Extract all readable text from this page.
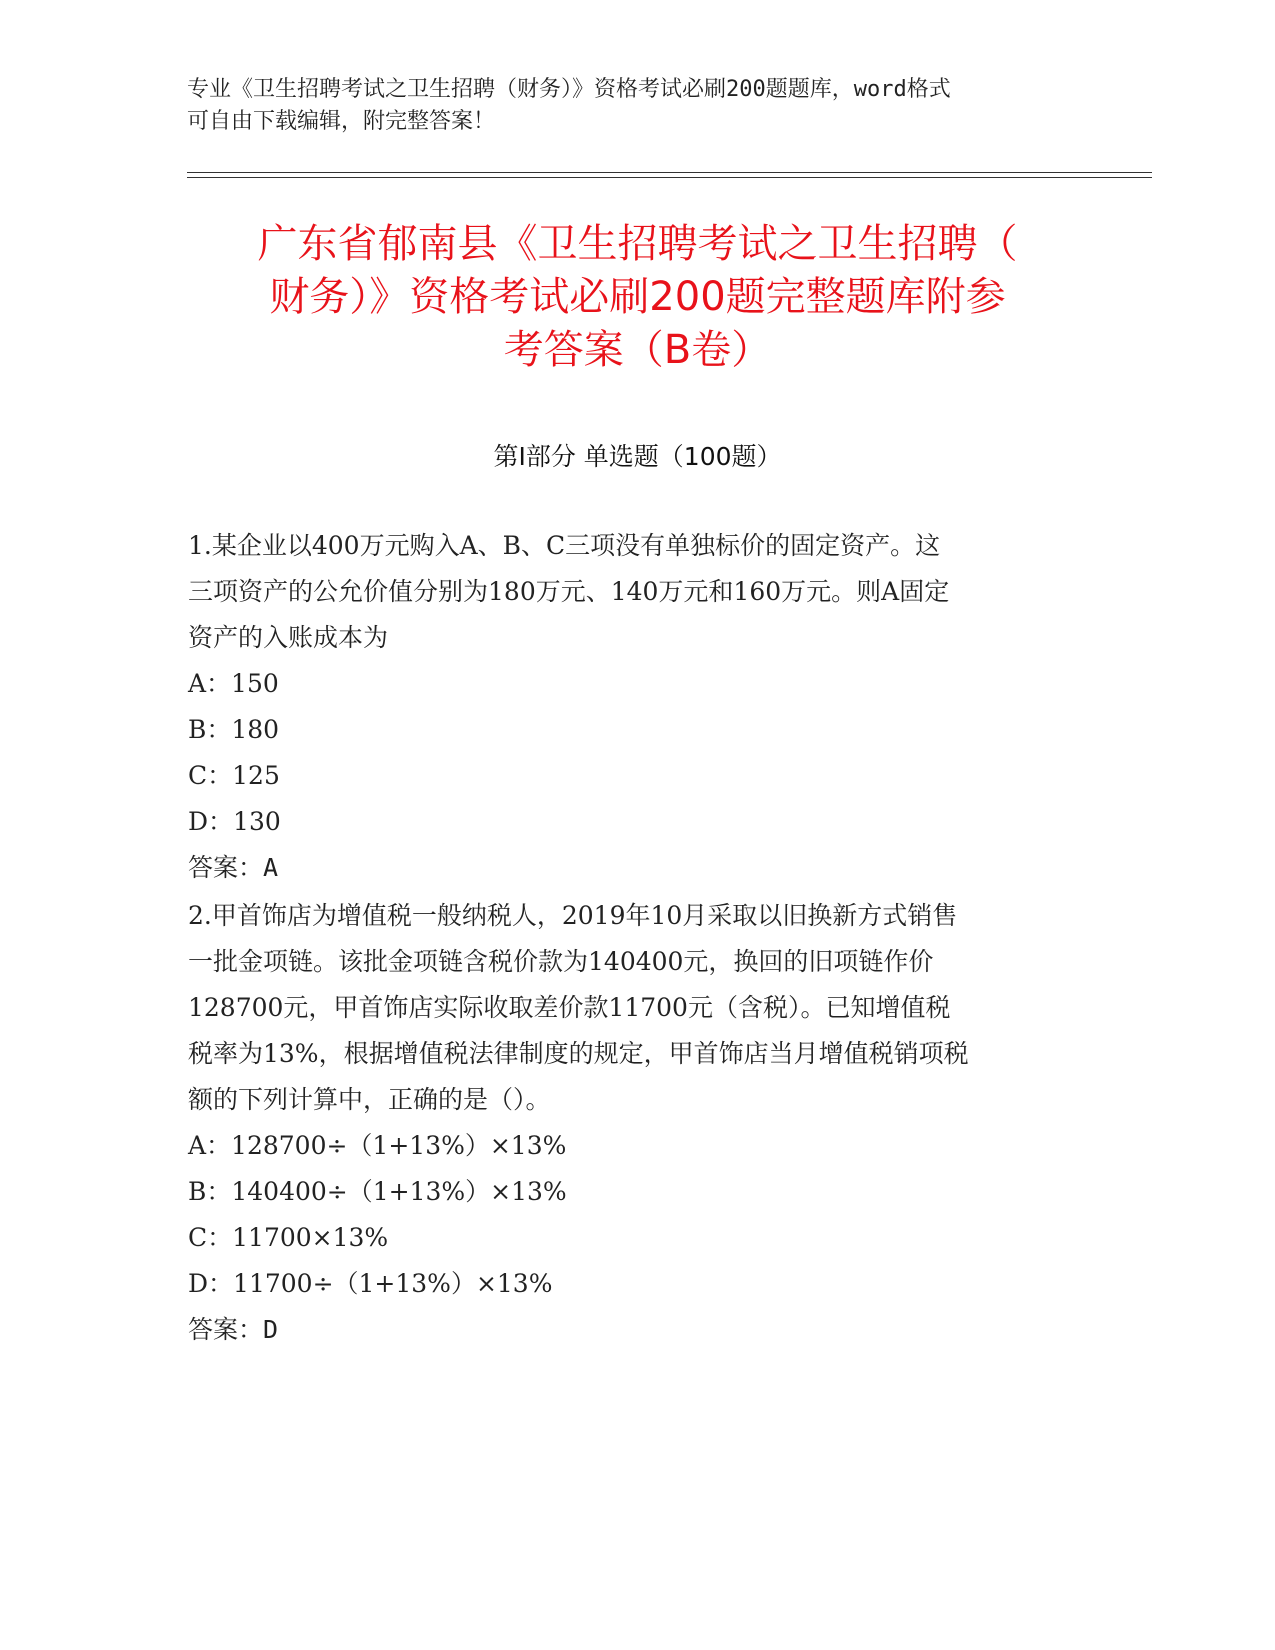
专业《卫生招聘考试之卫生招聘（财务）》资格考试必刷200题题库，word格式
可自由下载编辑，附完整答案！
广东省郁南县《卫生招聘考试之卫生招聘（
财务）》资格考试必刷200题完整题库附参
考答案（B卷）
第I部分 单选题（100题）

1.某企业以400万元购入A、B、C三项没有单独标价的固定资产。这

三项资产的公允价值分别为180万元、140万元和160万元。则A固定

资产的入账成本为

A：150

B：180

C：125

D：130

答案：A

2.甲首饰店为增值税一般纳税人，2019年10月采取以旧换新方式销售

一批金项链。该批金项链含税价款为140400元，换回的旧项链作价

128700元，甲首饰店实际收取差价款11700元（含税）。已知增值税

税率为13%，根据增值税法律制度的规定，甲首饰店当月增值税销项税

额的下列计算中，正确的是（）。

A：128700÷（1+13%）×13%

B：140400÷（1+13%）×13%

C：11700×13%

D：11700÷（1+13%）×13%

答案：D
